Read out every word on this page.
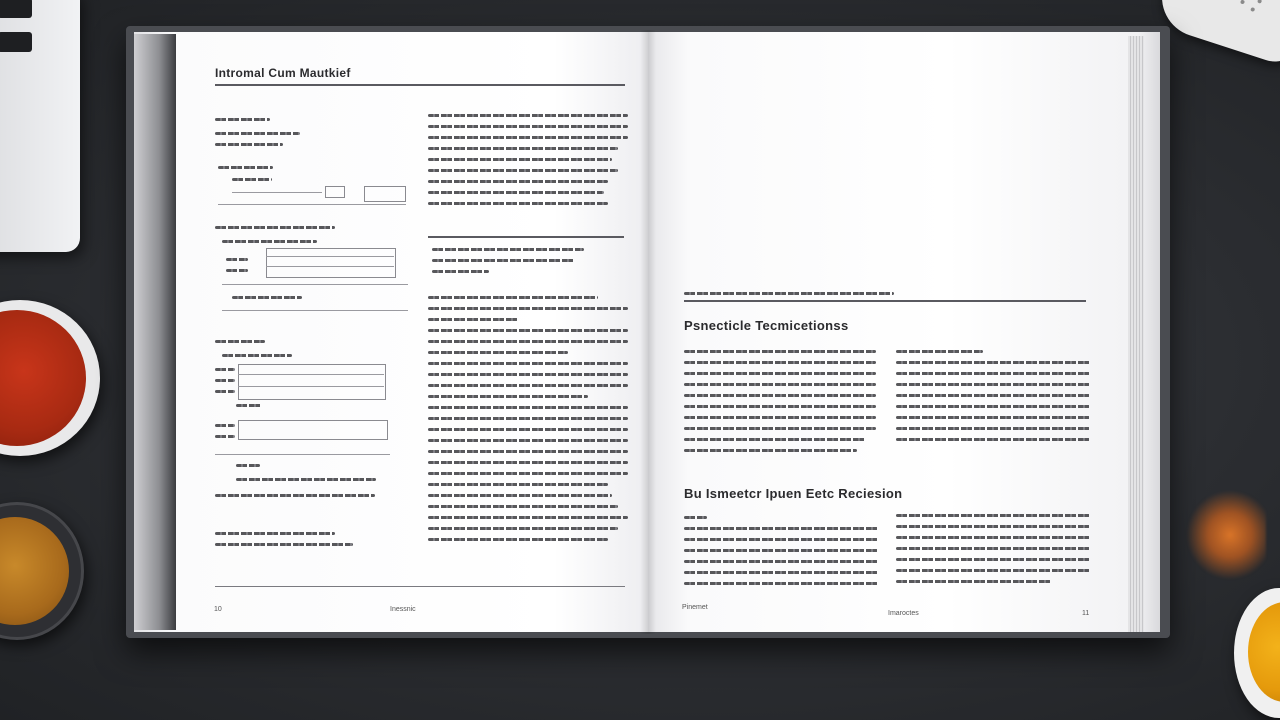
Intromal Cum Mautkief
10	Inessnic
Psnecticle Tecmicetionss
Bu Ismeetcr Ipuen Eetc Reciesion
Pinemet
Imaroctes	11
